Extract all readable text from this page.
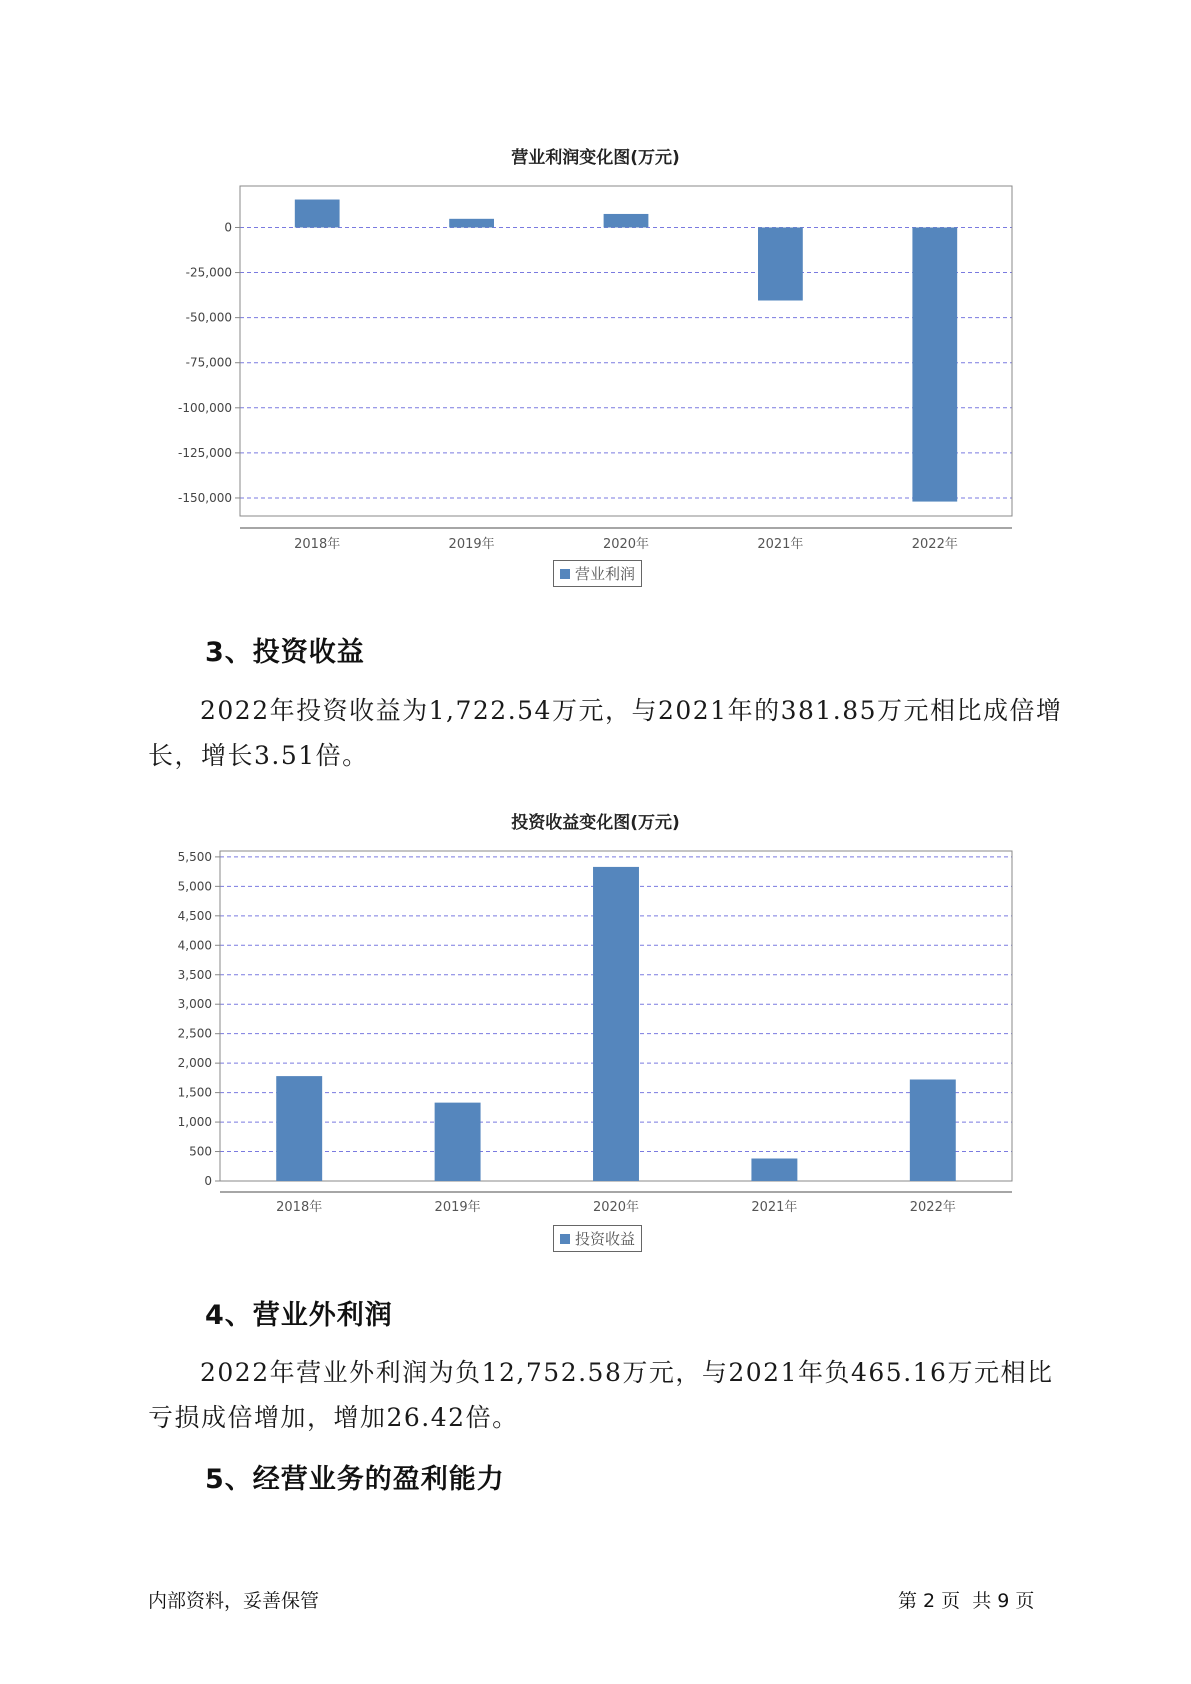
营业利润变化图(万元)
0
-25,000
-50,000
-75,000
-100,000
-125,000
-150,000
2018年	2019年	2020年	2021年	2022年
营业利润
3、投资收益

2022年投资收益为1,722.54万元，与2021年的381.85万元相比成倍增长，增长3.51倍。

投资收益变化图(万元)
0
500
1,000
1,500
2,000
2,500
3,000
3,500
4,000
4,500
5,000
5,500
2018年	2019年	2020年	2021年	2022年
投资收益
4、营业外利润

2022年营业外利润为负12,752.58万元，与2021年负465.16万元相比亏损成倍增加，增加26.42倍。

5、经营业务的盈利能力
内部资料，妥善保管	第 2 页  共 9 页
